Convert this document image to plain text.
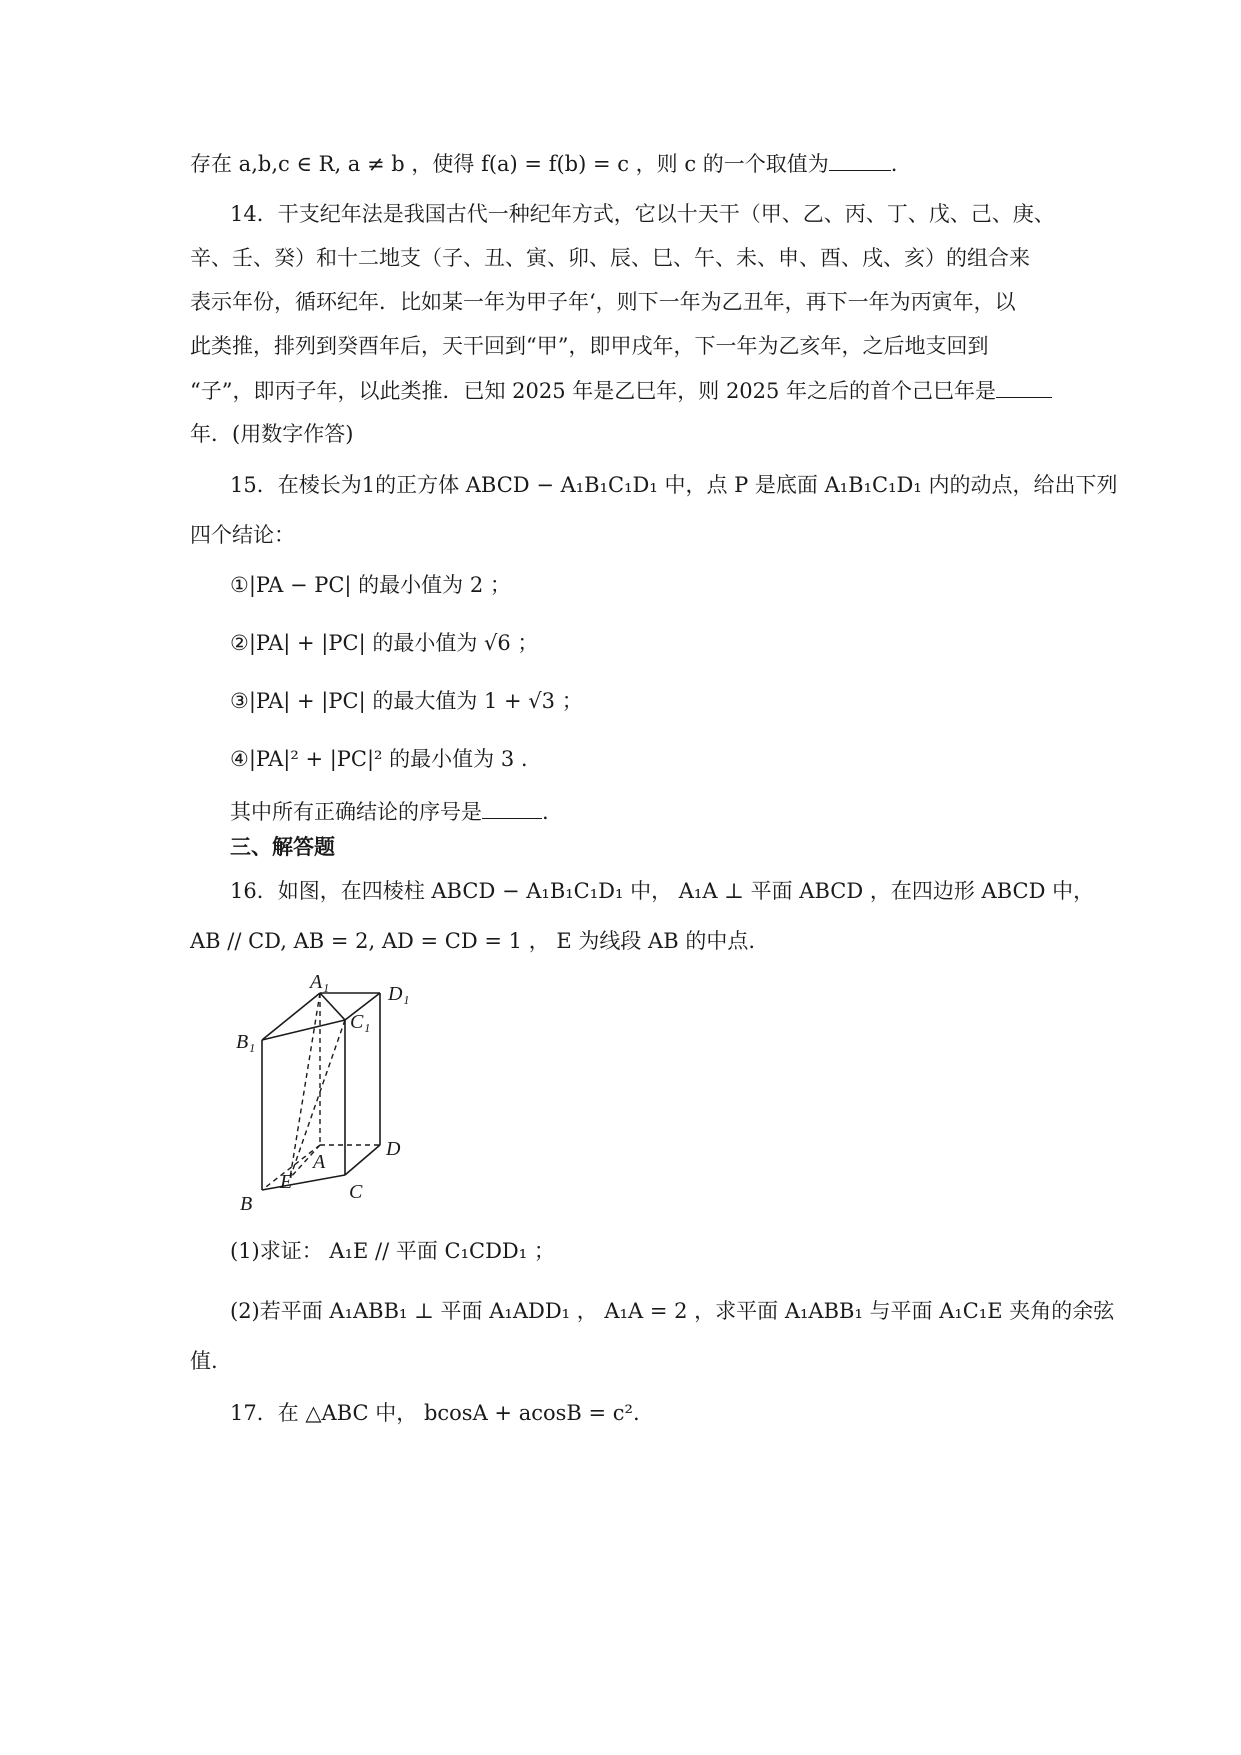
存在 a,b,c ∈ R, a ≠ b ，使得 f(a) = f(b) = c ，则 c 的一个取值为	.
14．干支纪年法是我国古代一种纪年方式，它以十天干（甲、乙、丙、丁、戊、己、庚、
辛、壬、癸）和十二地支（子、丑、寅、卯、辰、巳、午、未、申、酉、戌、亥）的组合来
表示年份，循环纪年．比如某一年为甲子年‘，则下一年为乙丑年，再下一年为丙寅年，以
此类推，排列到癸酉年后，天干回到“甲”，即甲戌年，下一年为乙亥年，之后地支回到
“子”，即丙子年，以此类推．已知 2025 年是乙巳年，则 2025 年之后的首个己巳年是
年．(用数字作答)
15．在棱长为1的正方体 ABCD − A₁B₁C₁D₁ 中，点 P 是底面 A₁B₁C₁D₁ 内的动点，给出下列
四个结论：
①|PA − PC| 的最小值为 2 ；
②|PA| + |PC| 的最小值为 √6 ；
③|PA| + |PC| 的最大值为 1 + √3 ；
④|PA|² + |PC|² 的最小值为 3 .
其中所有正确结论的序号是	.
三、解答题
16．如图，在四棱柱 ABCD − A₁B₁C₁D₁ 中， A₁A ⊥ 平面 ABCD ，在四边形 ABCD 中，
AB // CD, AB = 2, AD = CD = 1 ， E 为线段 AB 的中点.
A₁
D₁
C₁
B₁
A
D
E	C
B
(1)求证： A₁E // 平面 C₁CDD₁ ；
(2)若平面 A₁ABB₁ ⊥ 平面 A₁ADD₁ ， A₁A = 2 ，求平面 A₁ABB₁ 与平面 A₁C₁E 夹角的余弦
值.
17．在 △ABC 中， bcosA + acosB = c².
